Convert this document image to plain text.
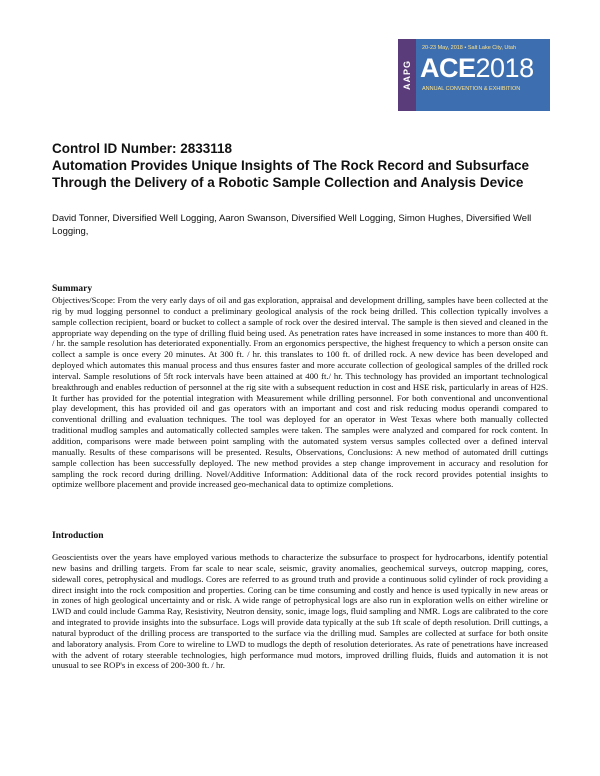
AAPG
20-23 May, 2018 • Salt Lake City, Utah
ACE2018
ANNUAL CONVENTION & EXHIBITION
Control ID Number: 2833118
Automation Provides Unique Insights of The Rock Record and Subsurface Through the Delivery of a Robotic Sample Collection and Analysis Device
David Tonner, Diversified Well Logging, Aaron Swanson, Diversified Well Logging, Simon Hughes, Diversified Well Logging,
Summary
Objectives/Scope: From the very early days of oil and gas exploration, appraisal and development drilling, samples have been collected at the rig by mud logging personnel to conduct a preliminary geological analysis of the rock being drilled. This collection typically involves a sample collection recipient, board or bucket to collect a sample of rock over the desired interval. The sample is then sieved and cleaned in the appropriate way depending on the type of drilling fluid being used. As penetration rates have increased in some instances to more than 400 ft. / hr. the sample resolution has deteriorated exponentially. From an ergonomics perspective, the highest frequency to which a person onsite can collect a sample is once every 20 minutes. At 300 ft. / hr. this translates to 100 ft. of drilled rock. A new device has been developed and deployed which automates this manual process and thus ensures faster and more accurate collection of geological samples of the drilled rock interval. Sample resolutions of 5ft rock intervals have been attained at 400 ft./ hr. This technology has provided an important technological breakthrough and enables reduction of personnel at the rig site with a subsequent reduction in cost and HSE risk, particularly in areas of H2S. It further has provided for the potential integration with Measurement while drilling personnel. For both conventional and unconventional play development, this has provided oil and gas operators with an important and cost and risk reducing modus operandi compared to conventional drilling and evaluation techniques. The tool was deployed for an operator in West Texas where both manually collected traditional mudlog samples and automatically collected samples were taken. The samples were analyzed and compared for rock content. In addition, comparisons were made between point sampling with the automated system versus samples collected over a defined interval manually. Results of these comparisons will be presented. Results, Observations, Conclusions: A new method of automated drill cuttings sample collection has been successfully deployed. The new method provides a step change improvement in accuracy and resolution for sampling the rock record during drilling. Novel/Additive Information: Additional data of the rock record provides potential insights to optimize wellbore placement and provide increased geo-mechanical data to optimize completions.
Introduction
Geoscientists over the years have employed various methods to characterize the subsurface to prospect for hydrocarbons, identify potential new basins and drilling targets. From far scale to near scale, seismic, gravity anomalies, geochemical surveys, outcrop mapping, cores, sidewall cores, petrophysical and mudlogs. Cores are referred to as ground truth and provide a continuous solid cylinder of rock providing a direct insight into the rock composition and properties. Coring can be time consuming and costly and hence is used typically in new areas or in zones of high geological uncertainty and or risk. A wide range of petrophysical logs are also run in exploration wells on either wireline or LWD and could include Gamma Ray, Resistivity, Neutron density, sonic, image logs, fluid sampling and NMR. Logs are calibrated to the core and integrated to provide insights into the subsurface. Logs will provide data typically at the sub 1ft scale of depth resolution. Drill cuttings, a natural byproduct of the drilling process are transported to the surface via the drilling mud. Samples are collected at surface for both onsite and laboratory analysis. From Core to wireline to LWD to mudlogs the depth of resolution deteriorates. As rate of penetrations have increased with the advent of rotary steerable technologies, high performance mud motors, improved drilling fluids, fluids and automation it is not unusual to see ROP's in excess of 200-300 ft. / hr.
